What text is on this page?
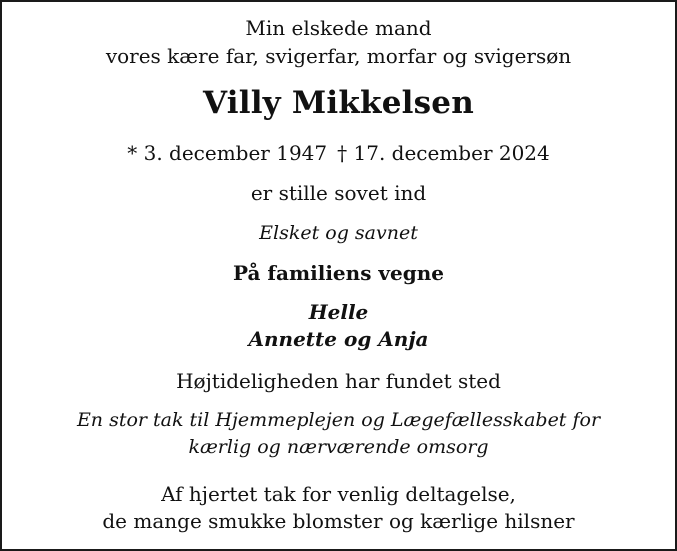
Min elskede mand
vores kære far, svigerfar, morfar og svigersøn
Villy Mikkelsen
* 3. december 1947 † 17. december 2024
er stille sovet ind
Elsket og savnet
På familiens vegne
Helle
Annette og Anja
Højtideligheden har fundet sted
En stor tak til Hjemmeplejen og Lægefællesskabet for
kærlig og nærværende omsorg
Af hjertet tak for venlig deltagelse,
de mange smukke blomster og kærlige hilsner
